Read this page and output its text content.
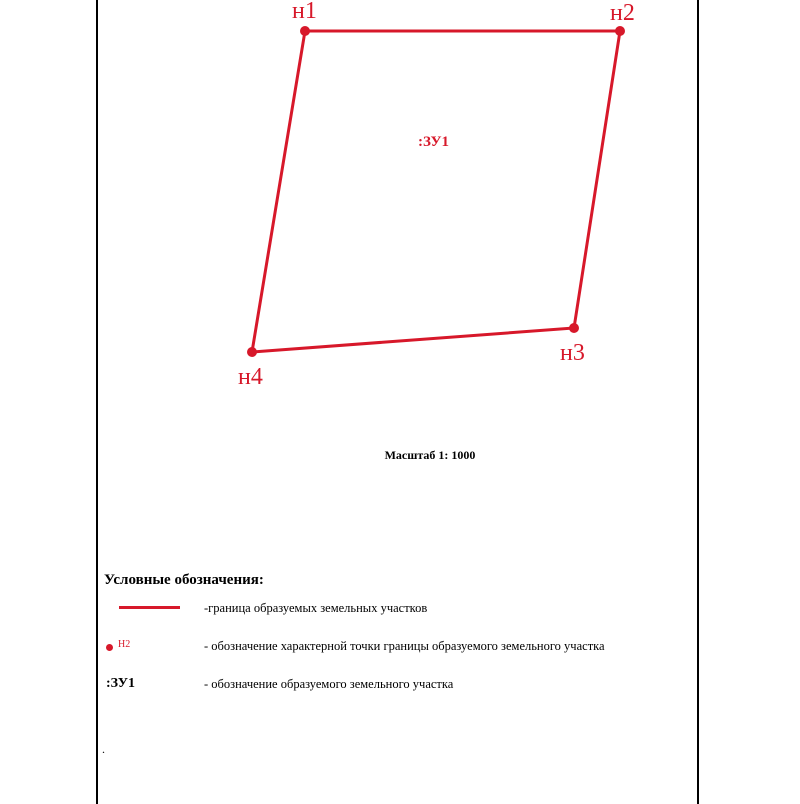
н1	н2
н3
н4
:ЗУ1
Масштаб 1: 1000
Условные обозначения:
-граница образуемых земельных участков
Н2	- обозначение характерной точки границы образуемого земельного участка
:ЗУ1	- обозначение образуемого земельного участка
.
